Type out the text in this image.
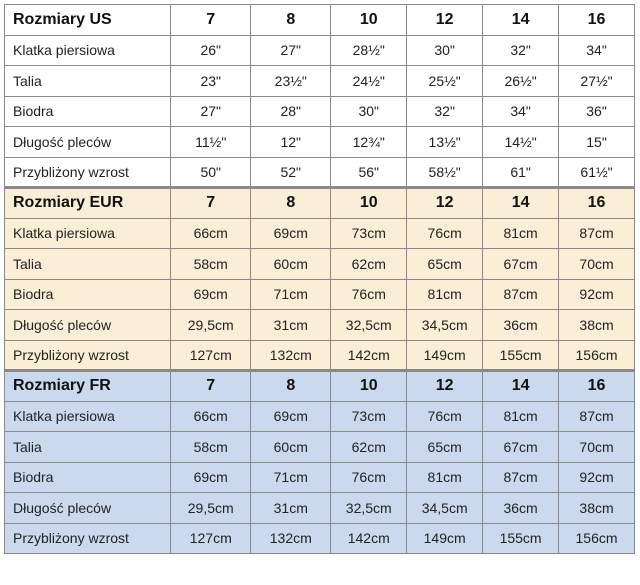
Rozmiary US	7	8	10	12	14	16
Klatka piersiowa	26"	27"	28½"	30"	32"	34"
Talia	23"	23½"	24½"	25½"	26½"	27½"
Biodra	27"	28"	30"	32"	34"	36"
Długość pleców	11½"	12"	12¾"	13½"	14½"	15"
Przybliżony wzrost	50"	52"	56"	58½"	61"	61½"
Rozmiary EUR	7	8	10	12	14	16
Klatka piersiowa	66cm	69cm	73cm	76cm	81cm	87cm
Talia	58cm	60cm	62cm	65cm	67cm	70cm
Biodra	69cm	71cm	76cm	81cm	87cm	92cm
Długość pleców	29,5cm	31cm	32,5cm	34,5cm	36cm	38cm
Przybliżony wzrost	127cm	132cm	142cm	149cm	155cm	156cm
Rozmiary FR	7	8	10	12	14	16
Klatka piersiowa	66cm	69cm	73cm	76cm	81cm	87cm
Talia	58cm	60cm	62cm	65cm	67cm	70cm
Biodra	69cm	71cm	76cm	81cm	87cm	92cm
Długość pleców	29,5cm	31cm	32,5cm	34,5cm	36cm	38cm
Przybliżony wzrost	127cm	132cm	142cm	149cm	155cm	156cm
